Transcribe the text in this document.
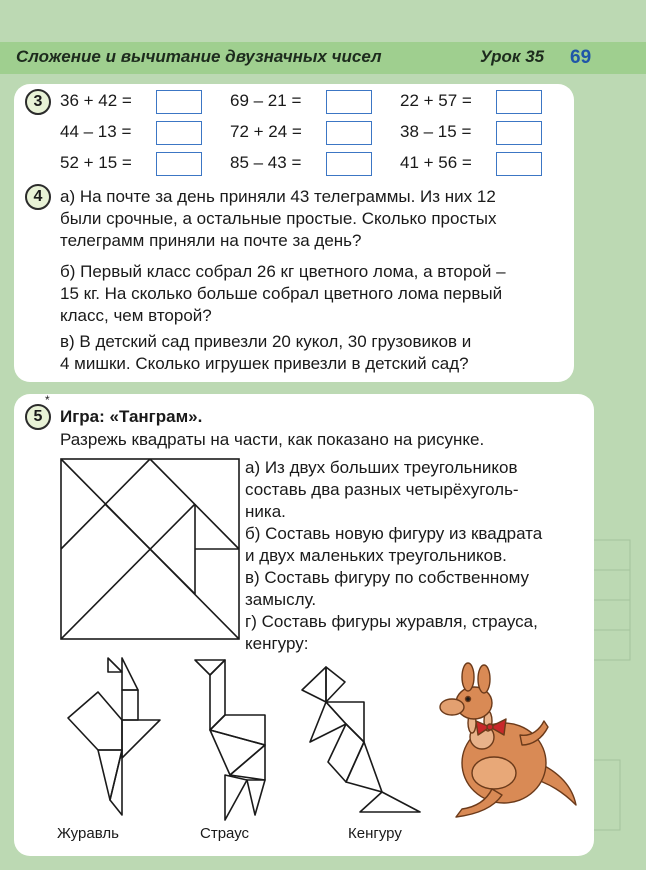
Сложение и вычитание двузначных чисел	Урок 35 69
3	36 + 42 =	69 – 21 =	22 + 57 =
44 – 13 =	72 + 24 =	38 – 15 =
52 + 15 =	85 – 43 =	41 + 56 =
4	а) На почте за день приняли 43 телеграммы. Из них 12
были срочные, а остальные простые. Сколько простых
телеграмм приняли на почте за день?
б) Первый класс собрал 26 кг цветного лома, а второй –
15 кг. На сколько больше собрал цветного лома первый
класс, чем второй?
в) В детский сад привезли 20 кукол, 30 грузовиков и
4 мишки. Сколько игрушек привезли в детский сад?
5
*
Игра: «Танграм».
Разрежь квадраты на части, как показано на рисунке.
а) Из двух больших треугольников
составь два разных четырёхуголь-
ника.
б) Составь новую фигуру из квадрата
и двух маленьких треугольников.
в) Составь фигуру по собственному
замыслу.
г) Составь фигуры журавля, страуса,
кенгуру:
Журавль	Страус	Кенгуру
